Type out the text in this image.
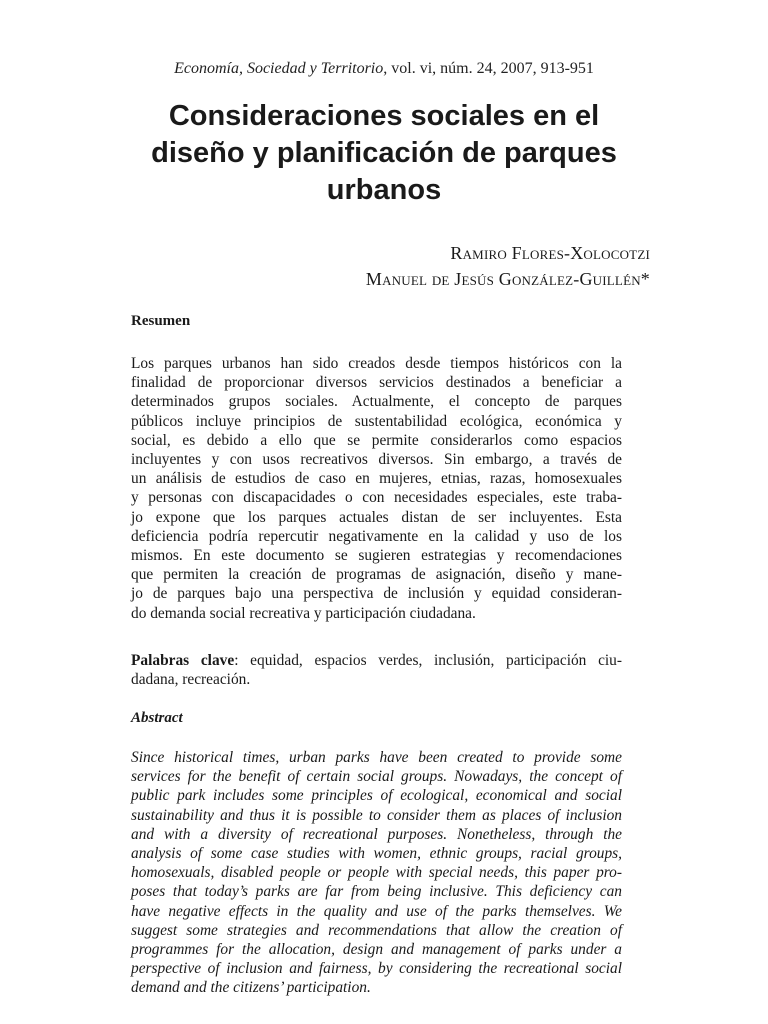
Economía, Sociedad y Territorio, vol. vi, núm. 24, 2007, 913-951
Consideraciones sociales en el
diseño y planificación de parques
urbanos
Ramiro Flores-Xolocotzi
Manuel de Jesús González-Guillén*

Resumen

Los parques urbanos han sido creados desde tiempos históricos con la
finalidad de proporcionar diversos servicios destinados a beneficiar a
determinados grupos sociales. Actualmente, el concepto de parques
públicos incluye principios de sustentabilidad ecológica, económica y
social, es debido a ello que se permite considerarlos como espacios
incluyentes y con usos recreativos diversos. Sin embargo, a través de
un análisis de estudios de caso en mujeres, etnias, razas, homosexuales
y personas con discapacidades o con necesidades especiales, este traba-
jo expone que los parques actuales distan de ser incluyentes. Esta
deficiencia podría repercutir negativamente en la calidad y uso de los
mismos. En este documento se sugieren estrategias y recomendaciones
que permiten la creación de programas de asignación, diseño y mane-
jo de parques bajo una perspectiva de inclusión y equidad consideran-
do demanda social recreativa y participación ciudadana.
Palabras clave: equidad, espacios verdes, inclusión, participación ciu-
dadana, recreación.

Abstract

Since historical times, urban parks have been created to provide some
services for the benefit of certain social groups. Nowadays, the concept of
public park includes some principles of ecological, economical and social
sustainability and thus it is possible to consider them as places of inclusion
and with a diversity of recreational purposes. Nonetheless, through the
analysis of some case studies with women, ethnic groups, racial groups,
homosexuals, disabled people or people with special needs, this paper pro-
poses that today’s parks are far from being inclusive. This deficiency can
have negative effects in the quality and use of the parks themselves. We
suggest some strategies and recommendations that allow the creation of
programmes for the allocation, design and management of parks under a
perspective of inclusion and fairness, by considering the recreational social
demand and the citizens’ participation.
